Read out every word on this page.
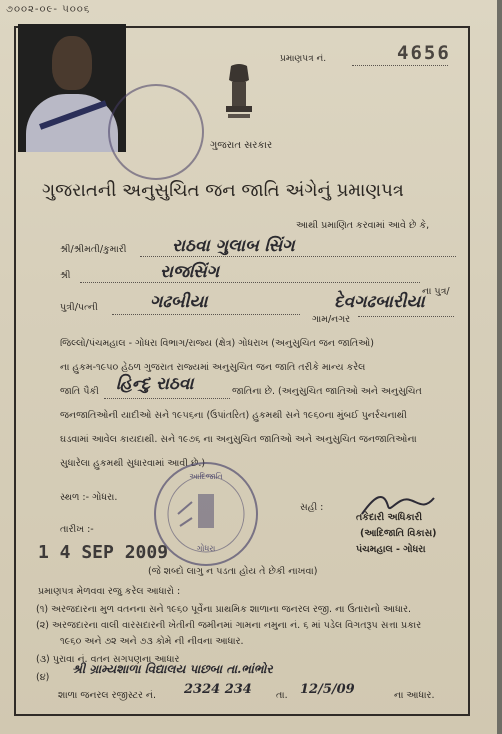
૭૦૦૨-૦૯- ૫૦૦૬
ગુજરાત સરકાર
પ્રમાણપત્ર નં.	4656
ગુજરાતની અનુસુચિત જન જાતિ અંગેનું પ્રમાણપત્ર
આથી પ્રમાણિત કરવામાં આવે છે કે,
શ્રી/શ્રીમતી/કુમારી	રાઠવા ગુલાબ સિંગ
શ્રી	રાજસિંગ
ના પુત્ર/
પુત્રી/પત્ની	ગઢબીયા
ગામ/નગર
દેવગઢબારીયા
જિલ્લો/પંચમહાલ - ગોધરા વિભાગ/રાજ્ય (ક્ષેત્ર) ગોધરાખ (અનુસુચિત જન જાતિઓ)
ના હુકમ-૧૯૫૦ હેઠળ ગુજરાત રાજ્યમાં અનુસુચિત જન જાતિ તરીકે માન્ય કરેલ
જાતિ પૈકી હિન્દુ રાઠવા	જાતિના છે. (અનુસુચિત જાતિઓ અને અનુસુચિત
જનજાતિઓની યાદીઓ સને ૧૯૫૬ના (ઉપાંતરિત) હુકમથી સને ૧૯૬૦ના મુંબઈ પુનર્રચનાથી
ઘડવામાં આવેલ કાયદાથી. સને ૧૯૭૬ ના અનુસુચિત જાતિઓ અને અનુસુચિત જનજાતિઓના
સુધારેલા હુકમથી સુધારવામાં આવી છે.)
સ્થળ :- ગોધરા.
સહી :
તકેદારી અધિકારી
(આદિજાતિ વિકાસ)
પંચમહાલ - ગોધરા
આદિજાતિ
ગોધરા
તારીખ :-
1 4 SEP 2009
(જે શબ્દો લાગુ ન પડતા હોય તે છેકી નાખવા)
પ્રમાણપત્ર મેળવવા રજુ કરેલ આધારો :
(૧) અરજદારના મુળ વતનના સને ૧૯૬૦ પૂર્વેના પ્રાથમિક શાળાના જનરલ રજી. ના ઉતારાનો આધાર.
(૨) અરજદારના વાલી વારસદારની ખેતીની જમીનમાં ગામના નમુના નં. ૬ માં પડેલ વિગતરૂપ સત્તા પ્રકાર
૧૯૬૦ અને ૭૨ અને ૭૩ કોમે ની નીવના આધાર.
(૩) પુરાવા નં. વતન સગપણના આધાર
(૪)
શ્રી ગ્રામ્યશાળા વિદ્યાલય પાછબા તા.ભાંભોર
શાળા જનરલ રજીસ્ટર નં. 2324 234	તા. 12/5/09	ના આધાર.
